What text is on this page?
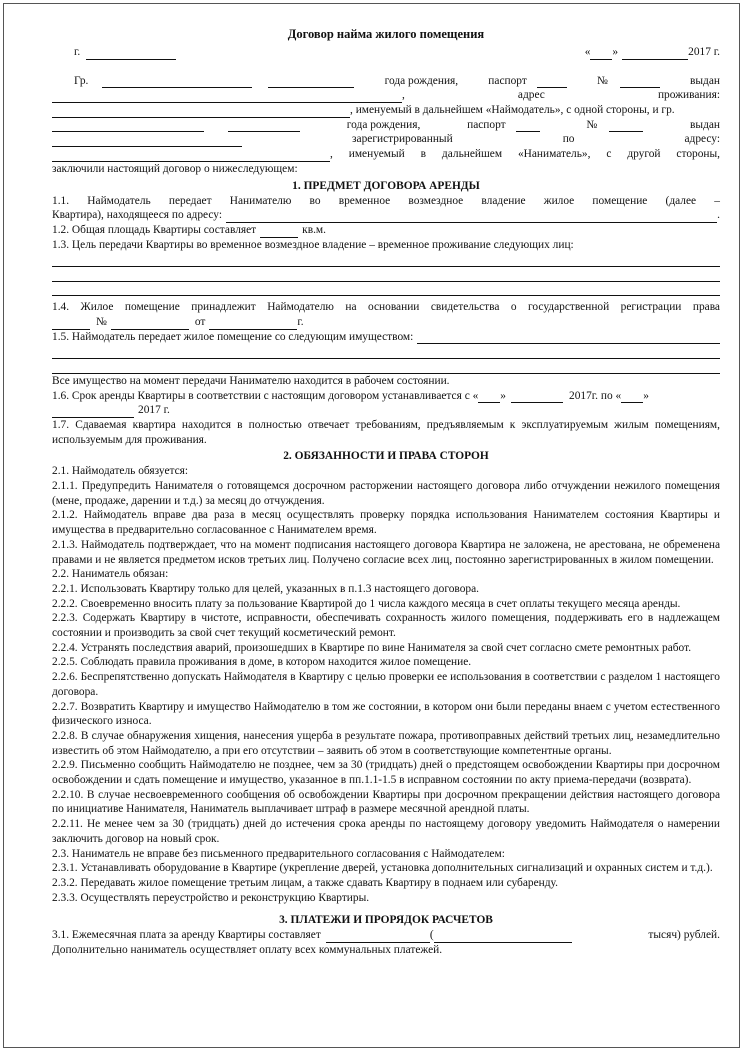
Договор найма жилого помещения
г.	« »	2017 г.
Гр.	года рождения,	паспорт	№	выдан
,	адрес	проживания:
, именуемый в дальнейшем «Наймодатель», с одной стороны, и гр.
года рождения,	паспорт	№	выдан
зарегистрированный	по	адресу:
, именуемый в дальнейшем «Наниматель», с другой стороны,
заключили настоящий договор о нижеследующем:
1. ПРЕДМЕТ ДОГОВОРА АРЕНДЫ
1.1. Наймодатель передает Нанимателю во временное возмездное владение жилое помещение (далее –
Квартира), находящееся по адресу:	.
1.2. Общая площадь Квартиры составляет	кв.м.
1.3. Цель передачи Квартиры во временное возмездное владение – временное проживание следующих лиц:
1.4. Жилое помещение принадлежит Наймодателю на основании свидетельства о государственной регистрации права
№	от	г.
1.5. Наймодатель передает жилое помещение со следующим имуществом:
Все имущество на момент передачи Нанимателю находится в рабочем состоянии.
1.6. Срок аренды Квартиры в соответствии с настоящим договором устанавливается с « »	2017г. по « »
2017 г.
1.7. Сдаваемая квартира находится в полностью отвечает требованиям, предъявляемым к эксплуатируемым жилым помещениям, используемым для проживания.
2. ОБЯЗАННОСТИ И ПРАВА СТОРОН
2.1. Наймодатель обязуется:
2.1.1. Предупредить Нанимателя о готовящемся досрочном расторжении настоящего договора либо отчуждении нежилого помещения (мене, продаже, дарении и т.д.) за месяц до отчуждения.
2.1.2. Наймодатель вправе два раза в месяц осуществлять проверку порядка использования Нанимателем состояния Квартиры и имущества в предварительно согласованное с Нанимателем время.
2.1.3. Наймодатель подтверждает, что на момент подписания настоящего договора Квартира не заложена, не арестована, не обременена правами и не является предметом исков третьих лиц. Получено согласие всех лиц, постоянно зарегистрированных в жилом помещении.
2.2. Наниматель обязан:
2.2.1. Использовать Квартиру только для целей, указанных в п.1.3 настоящего договора.
2.2.2. Своевременно вносить плату за пользование Квартирой до 1 числа каждого месяца в счет оплаты текущего месяца аренды.
2.2.3. Содержать Квартиру в чистоте, исправности, обеспечивать сохранность жилого помещения, поддерживать его в надлежащем состоянии и производить за свой счет текущий косметический ремонт.
2.2.4. Устранять последствия аварий, произошедших в Квартире по вине Нанимателя за свой счет согласно смете ремонтных работ.
2.2.5. Соблюдать правила проживания в доме, в котором находится жилое помещение.
2.2.6. Беспрепятственно допускать Наймодателя в Квартиру с целью проверки ее использования в соответствии с разделом 1 настоящего договора.
2.2.7. Возвратить Квартиру и имущество Наймодателю в том же состоянии, в котором они были переданы внаем с учетом естественного физического износа.
2.2.8. В случае обнаружения хищения, нанесения ущерба в результате пожара, противоправных действий третьих лиц, незамедлительно известить об этом Наймодателю, а при его отсутствии – заявить об этом в соответствующие компетентные органы.
2.2.9. Письменно сообщить Наймодателю не позднее, чем за 30 (тридцать) дней о предстоящем освобождении Квартиры при досрочном освобождении и сдать помещение и имущество, указанное в пп.1.1-1.5 в исправном состоянии по акту приема-передачи (возврата).
2.2.10. В случае несвоевременного сообщения об освобождении Квартиры при досрочном прекращении действия настоящего договора по инициативе Нанимателя, Наниматель выплачивает штраф в размере месячной арендной платы.
2.2.11. Не менее чем за 30 (тридцать) дней до истечения срока аренды по настоящему договору уведомить Наймодателя о намерении заключить договор на новый срок.
2.3. Наниматель не вправе без письменного предварительного согласования с Наймодателем:
2.3.1. Устанавливать оборудование в Квартире (укрепление дверей, установка дополнительных сигнализаций и охранных систем и т.д.).
2.3.2. Передавать жилое помещение третьим лицам, а также сдавать Квартиру в поднаем или субаренду.
2.3.3. Осуществлять переустройство и реконструкцию Квартиры.
3. ПЛАТЕЖИ И ПРОРЯДОК РАСЧЕТОВ
3.1. Ежемесячная плата за аренду Квартиры составляет	(	тысяч) рублей.
Дополнительно наниматель осуществляет оплату всех коммунальных платежей.
